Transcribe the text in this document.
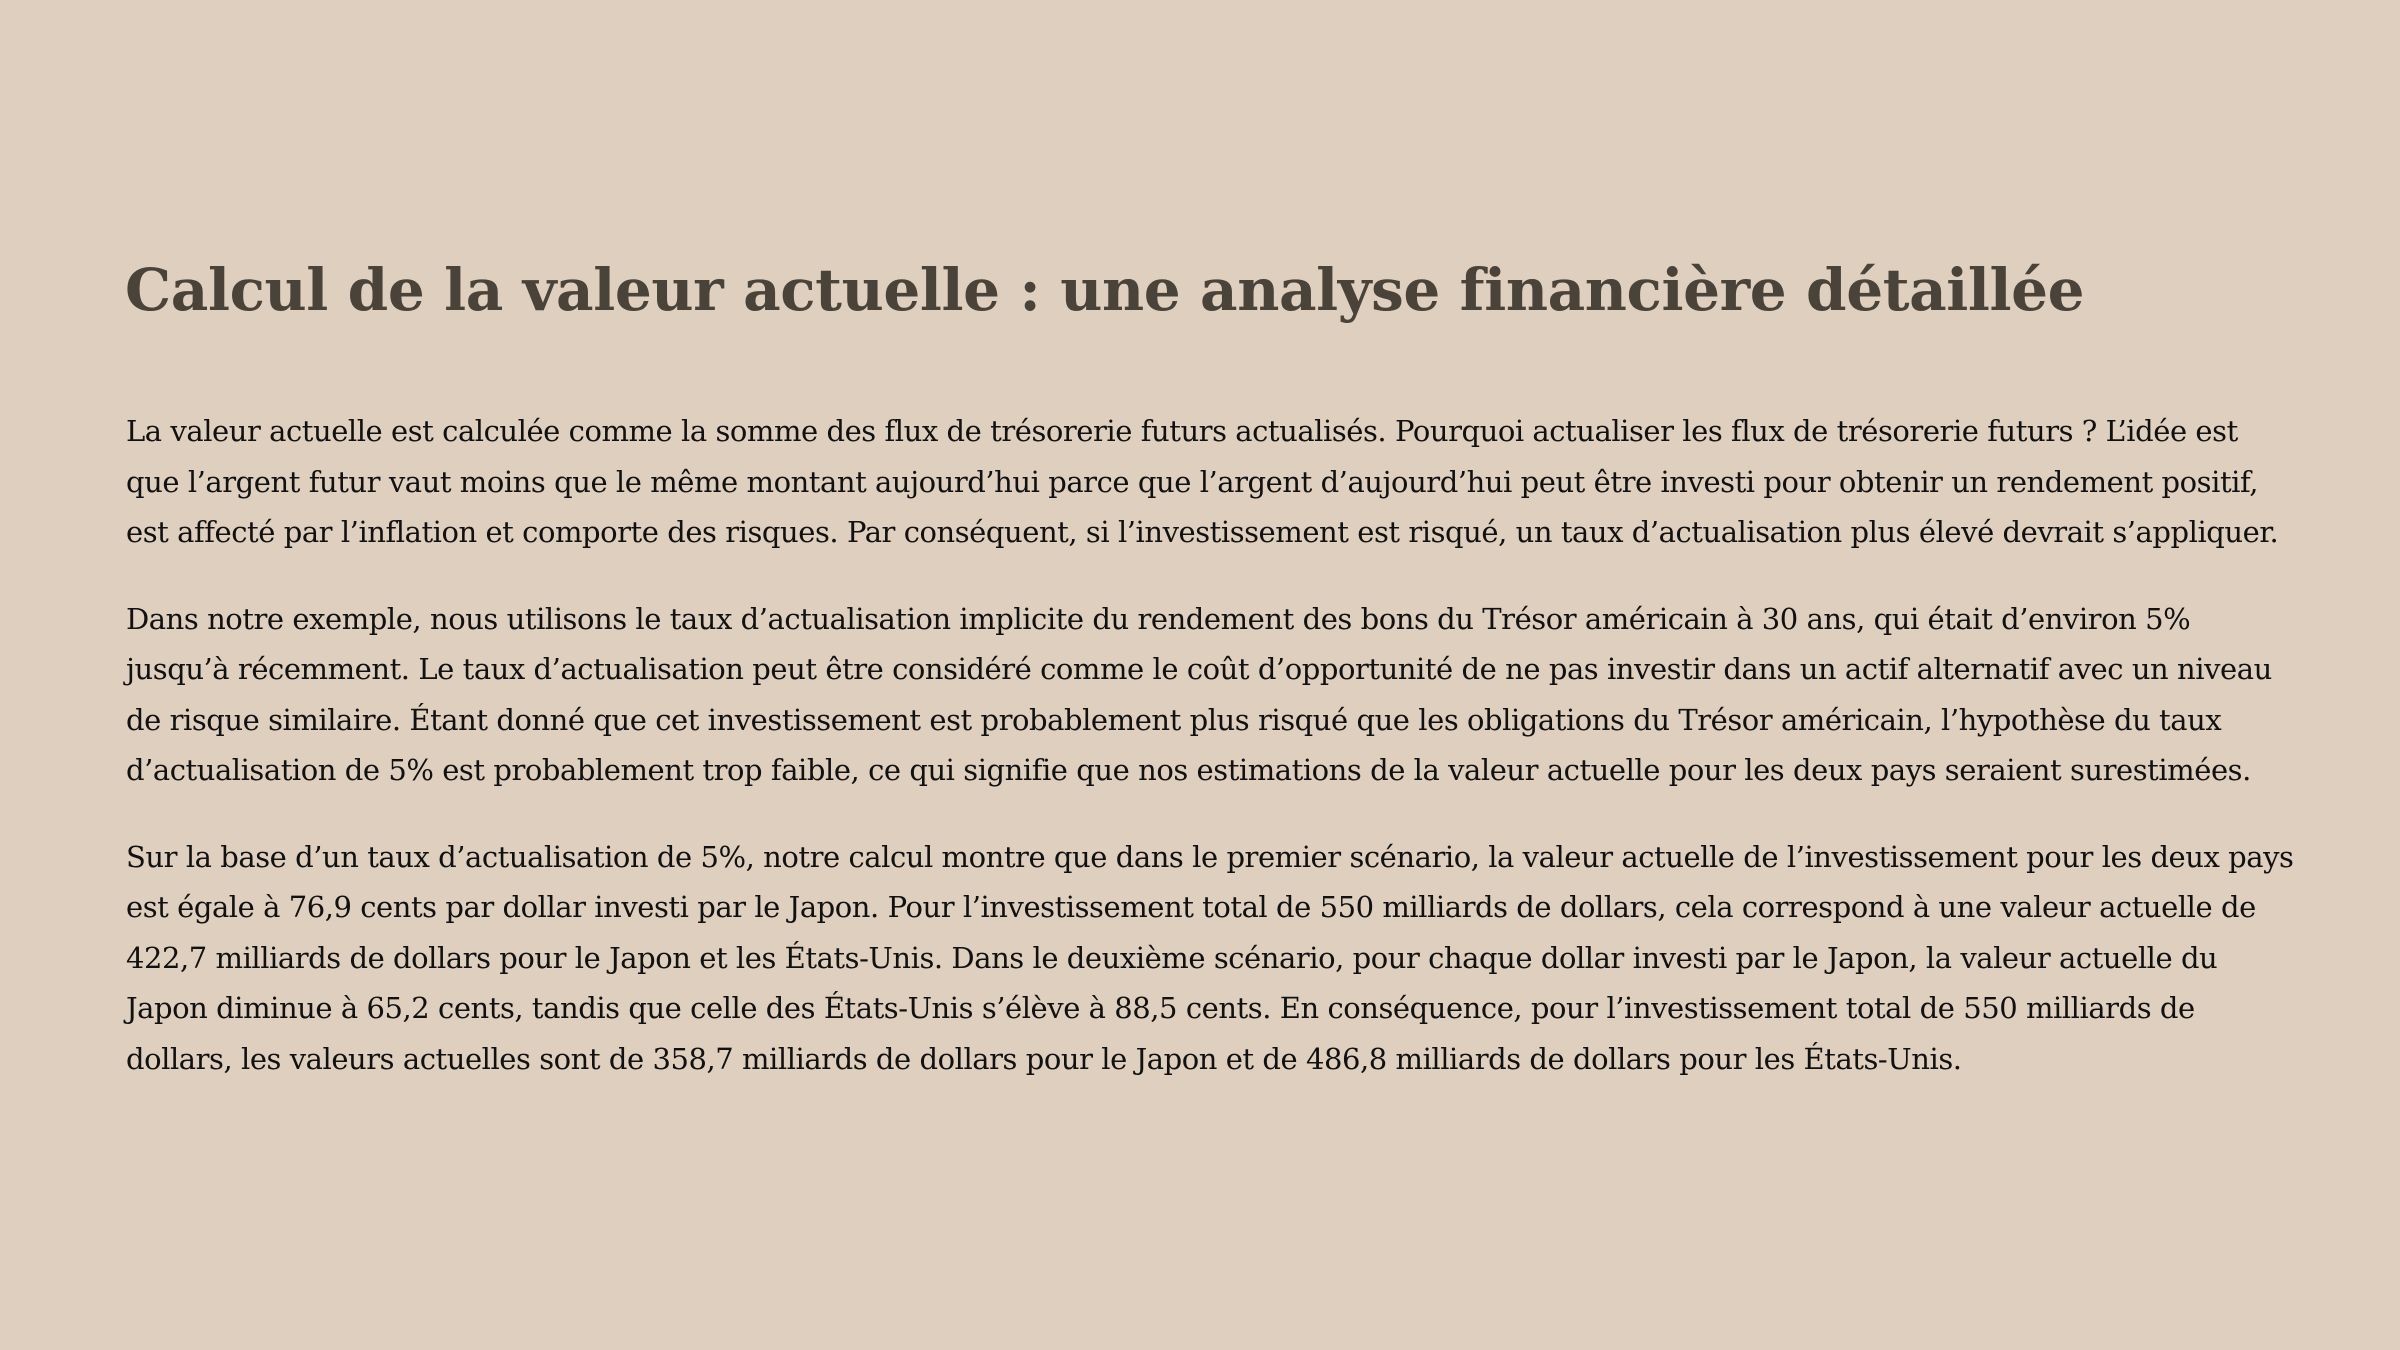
Calcul de la valeur actuelle : une analyse financière détaillée

La valeur actuelle est calculée comme la somme des flux de trésorerie futurs actualisés. Pourquoi actualiser les flux de trésorerie futurs ? L’idée est que l’argent futur vaut moins que le même montant aujourd’hui parce que l’argent d’aujourd’hui peut être investi pour obtenir un rendement positif, est affecté par l’inflation et comporte des risques. Par conséquent, si l’investissement est risqué, un taux d’actualisation plus élevé devrait s’appliquer.

Dans notre exemple, nous utilisons le taux d’actualisation implicite du rendement des bons du Trésor américain à 30 ans, qui était d’environ 5% jusqu’à récemment. Le taux d’actualisation peut être considéré comme le coût d’opportunité de ne pas investir dans un actif alternatif avec un niveau de risque similaire. Étant donné que cet investissement est probablement plus risqué que les obligations du Trésor américain, l’hypothèse du taux d’actualisation de 5% est probablement trop faible, ce qui signifie que nos estimations de la valeur actuelle pour les deux pays seraient surestimées.

Sur la base d’un taux d’actualisation de 5%, notre calcul montre que dans le premier scénario, la valeur actuelle de l’investissement pour les deux pays est égale à 76,9 cents par dollar investi par le Japon. Pour l’investissement total de 550 milliards de dollars, cela correspond à une valeur actuelle de 422,7 milliards de dollars pour le Japon et les États-Unis. Dans le deuxième scénario, pour chaque dollar investi par le Japon, la valeur actuelle du Japon diminue à 65,2 cents, tandis que celle des États-Unis s’élève à 88,5 cents. En conséquence, pour l’investissement total de 550 milliards de dollars, les valeurs actuelles sont de 358,7 milliards de dollars pour le Japon et de 486,8 milliards de dollars pour les États-Unis.
